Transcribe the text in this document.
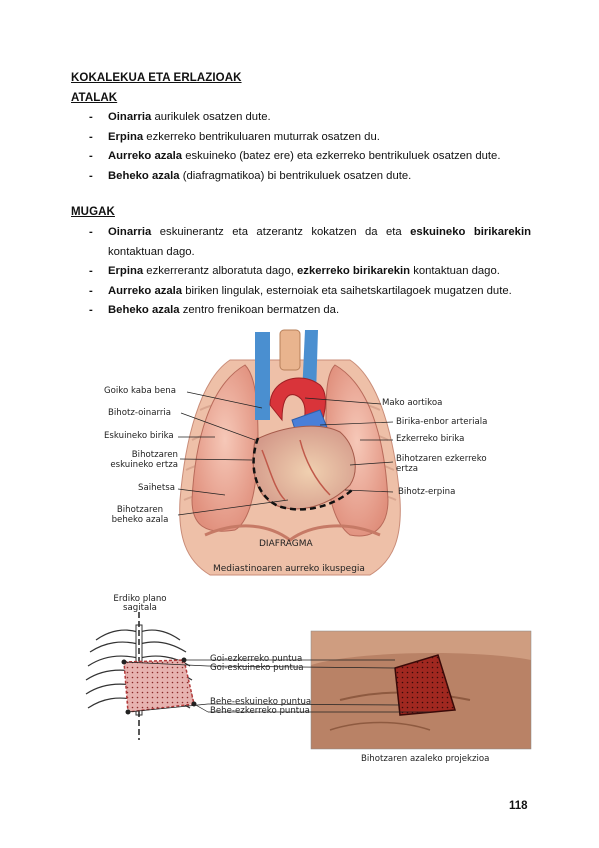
KOKALEKUA ETA ERLAZIOAK
ATALAK
- Oinarria aurikulek osatzen dute.
- Erpina ezkerreko bentrikuluaren muturrak osatzen du.
- Aurreko azala eskuineko (batez ere) eta ezkerreko bentrikuluek osatzen dute.
- Beheko azala (diafragmatikoa) bi bentrikuluek osatzen dute.
MUGAK
- Oinarria eskuinerantz eta atzerantz kokatzen da eta eskuineko birikarekin
kontaktuan dago.
- Erpina ezkerrerantz alboratuta dago, ezkerreko birikarekin kontaktuan dago.
- Aurreko azala biriken lingulak, esternoiak eta saihetskartilagoek mugatzen dute.
- Beheko azala zentro frenikoan bermatzen da.
Goiko kaba bena
Bihotz-oinarria
Eskuineko birika
Bihotzaren
eskuineko ertza
Saihetsa
Bihotzaren
beheko azala
Mako aortikoa
Birika-enbor arteriala
Ezkerreko birika
Bihotzaren ezkerreko
ertza
Bihotz-erpina
DIAFRAGMA
Mediastinoaren aurreko ikuspegia
Erdiko plano
sagitala
Goi-ezkerreko puntua
Goi-eskuineko puntua
Behe-eskuineko puntua
Behe-ezkerreko puntua
Bihotzaren azaleko projekzioa
118
